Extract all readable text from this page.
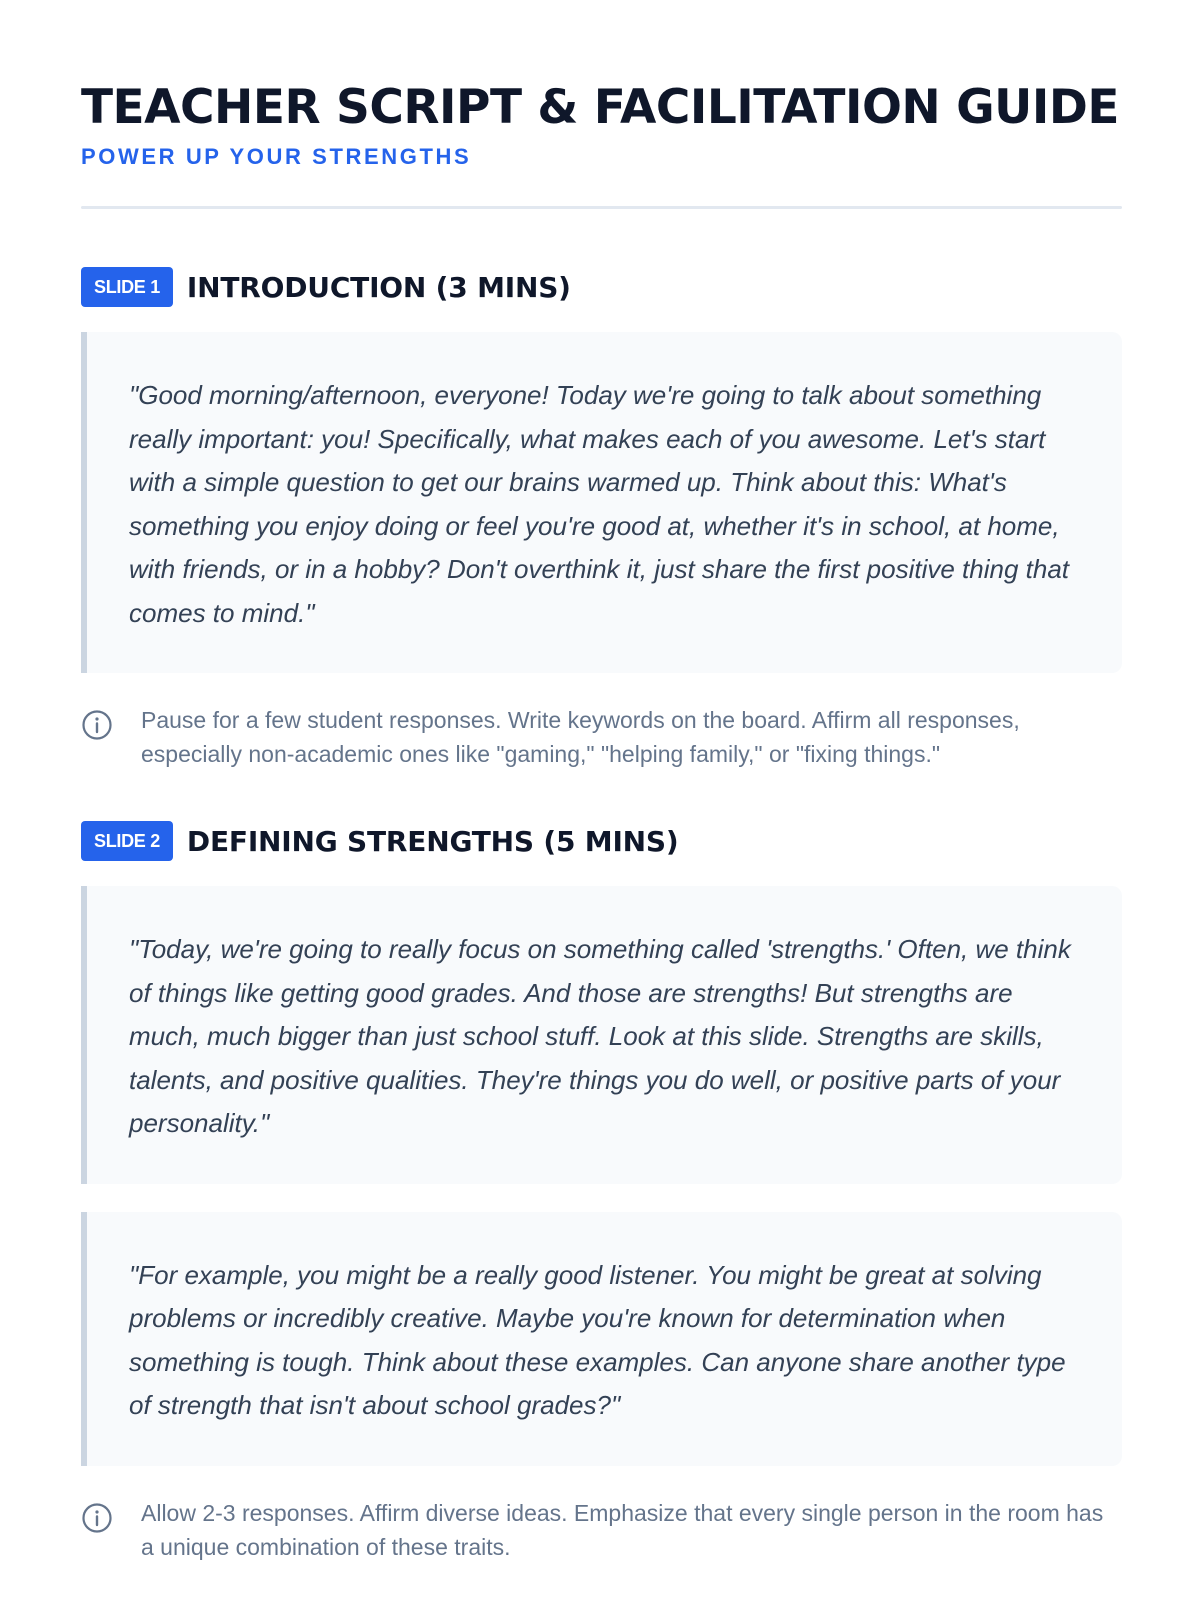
TEACHER SCRIPT & FACILITATION GUIDE
POWER UP YOUR STRENGTHS
SLIDE 1 INTRODUCTION (3 MINS)
"Good morning/afternoon, everyone! Today we're going to talk about something really important: you! Specifically, what makes each of you awesome. Let's start with a simple question to get our brains warmed up. Think about this: What's something you enjoy doing or feel you're good at, whether it's in school, at home, with friends, or in a hobby? Don't overthink it, just share the first positive thing that comes to mind."
Pause for a few student responses. Write keywords on the board. Affirm all responses, especially non-academic ones like "gaming," "helping family," or "fixing things."
SLIDE 2 DEFINING STRENGTHS (5 MINS)
"Today, we're going to really focus on something called 'strengths.' Often, we think of things like getting good grades. And those are strengths! But strengths are much, much bigger than just school stuff. Look at this slide. Strengths are skills, talents, and positive qualities. They're things you do well, or positive parts of your personality."
"For example, you might be a really good listener. You might be great at solving problems or incredibly creative. Maybe you're known for determination when something is tough. Think about these examples. Can anyone share another type of strength that isn't about school grades?"
Allow 2-3 responses. Affirm diverse ideas. Emphasize that every single person in the room has a unique combination of these traits.
